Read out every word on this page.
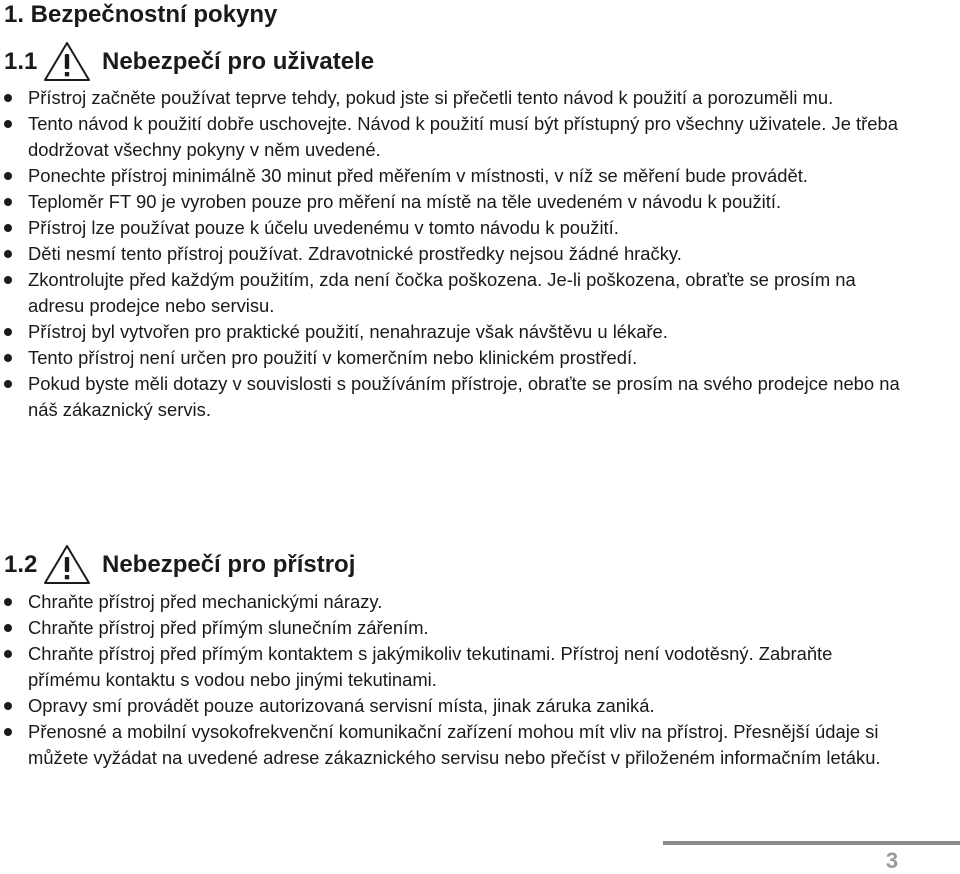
1. Bezpečnostní pokyny
1.1	Nebezpečí pro uživatele
Přístroj začněte používat teprve tehdy, pokud jste si přečetli tento návod k použití a porozuměli mu.
Tento návod k použití dobře uschovejte. Návod k použití musí být přístupný pro všechny uživatele. Je třeba dodržovat všechny pokyny v něm uvedené.
Ponechte přístroj minimálně 30 minut před měřením v místnosti, v níž se měření bude provádět.
Teploměr FT 90 je vyroben pouze pro měření na místě na těle uvedeném v návodu k použití.
Přístroj lze používat pouze k účelu uvedenému v tomto návodu k použití.
Děti nesmí tento přístroj používat. Zdravotnické prostředky nejsou žádné hračky.
Zkontrolujte před každým použitím, zda není čočka poškozena. Je-li poškozena, obraťte se prosím na adresu prodejce nebo servisu.
Přístroj byl vytvořen pro praktické použití, nenahrazuje však návštěvu u lékaře.
Tento přístroj není určen pro použití v komerčním nebo klinickém prostředí.
Pokud byste měli dotazy v souvislosti s používáním přístroje, obraťte se prosím na svého prodejce nebo na náš zákaznický servis.
1.2	Nebezpečí pro přístroj
Chraňte přístroj před mechanickými nárazy.
Chraňte přístroj před přímým slunečním zářením.
Chraňte přístroj před přímým kontaktem s jakýmikoliv tekutinami. Přístroj není vodotěsný. Zabraňte přímému kontaktu s vodou nebo jinými tekutinami.
Opravy smí provádět pouze autorizovaná servisní místa, jinak záruka zaniká.
Přenosné a mobilní vysokofrekvenční komunikační zařízení mohou mít vliv na přístroj. Přesnější údaje si můžete vyžádat na uvedené adrese zákaznického servisu nebo přečíst v přiloženém informačním letáku.
3
